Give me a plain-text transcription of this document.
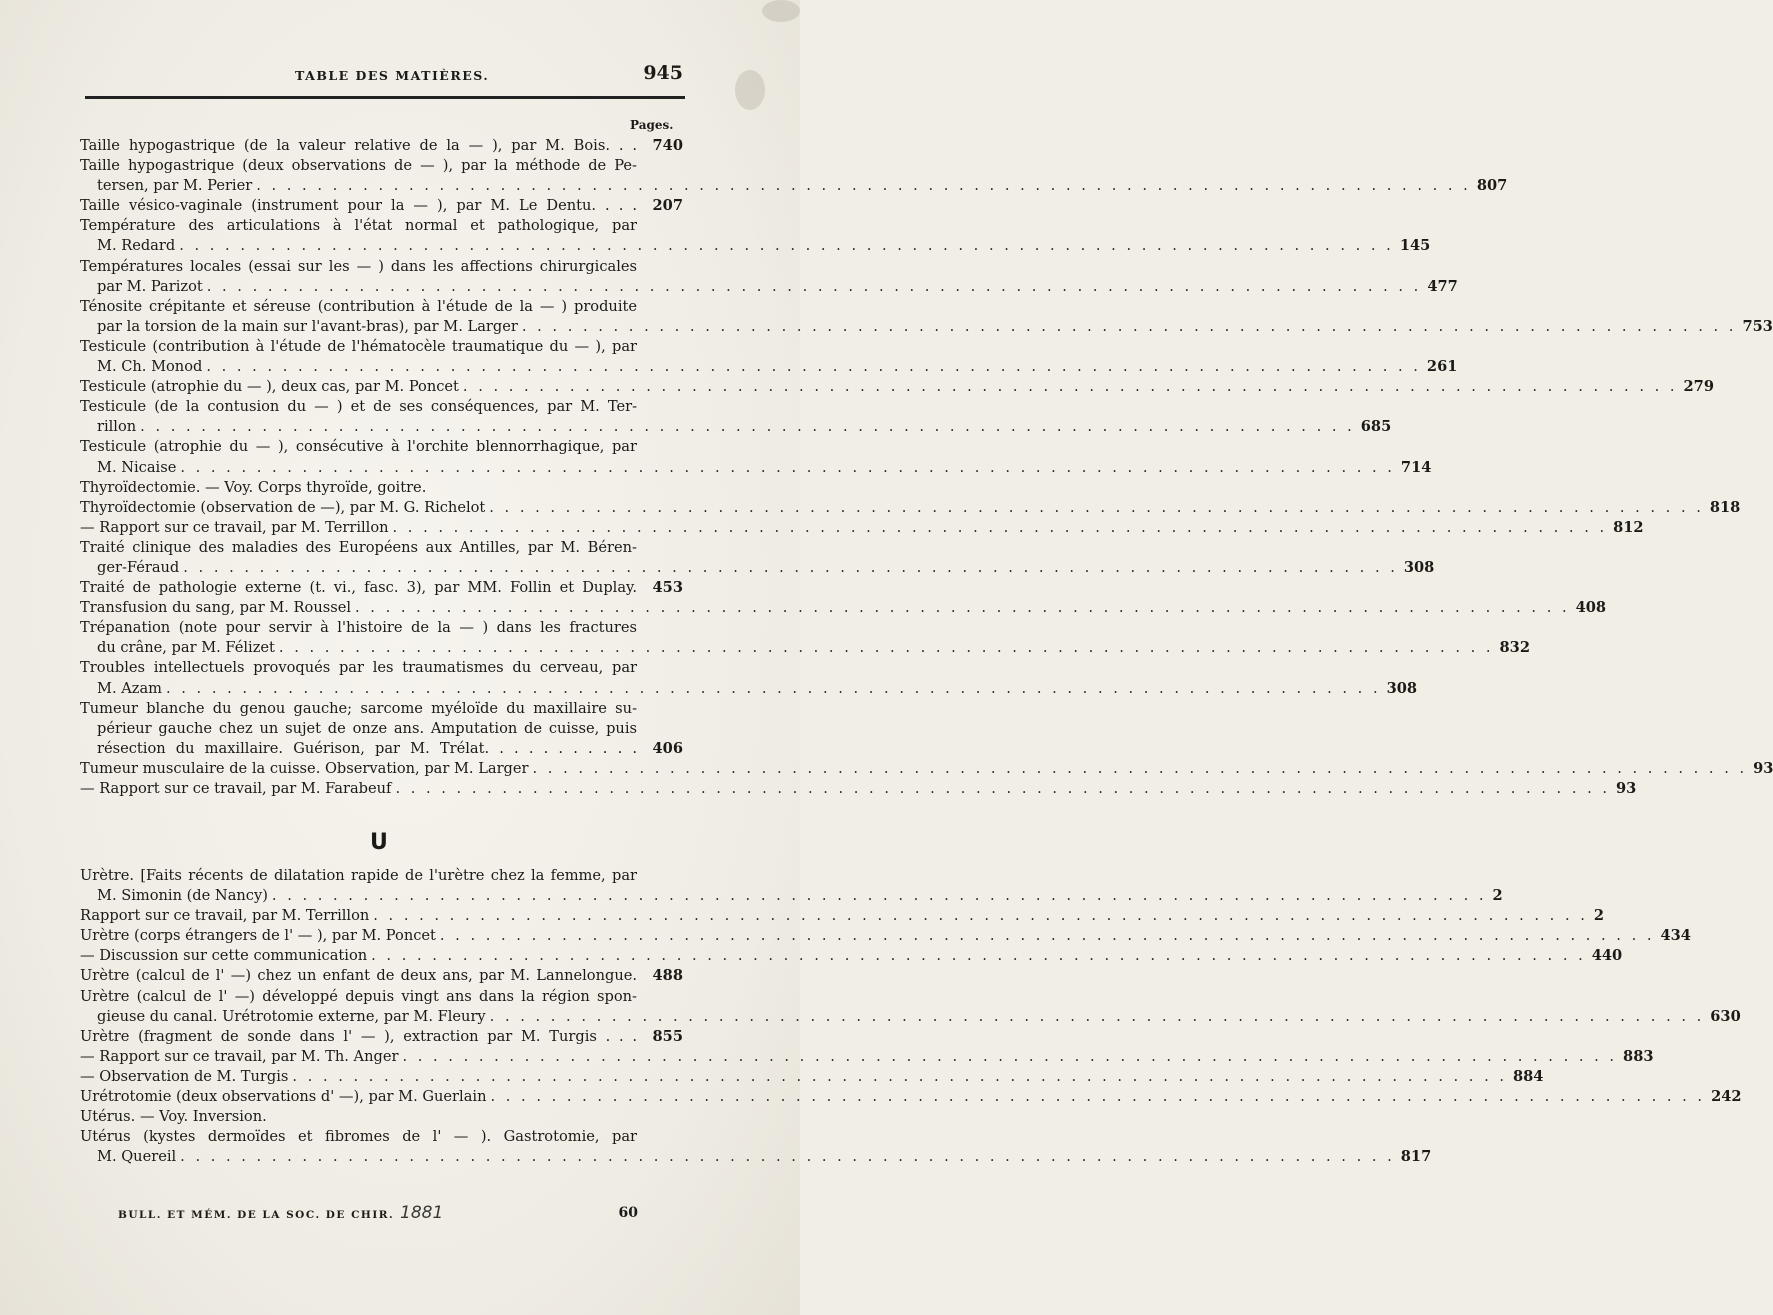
TABLE DES MATIÈRES.	945
Pages.
Taille hypogastrique (de la valeur relative de la — ), par M. Bois. . .	740
Taille hypogastrique (deux observations de — ), par la méthode de Pe-
tersen, par M. Perier . . . . . . . . . . . . . . . . . . . . . . . . . . . . . . . . . . . . . . . . . . . . . . . . . . . . . . . . . . . . . . . . . . . . . . . . . . . . . . . . 807
Taille vésico-vaginale (instrument pour la — ), par M. Le Dentu. . . .	207
Température des articulations à l'état normal et pathologique, par
M. Redard . . . . . . . . . . . . . . . . . . . . . . . . . . . . . . . . . . . . . . . . . . . . . . . . . . . . . . . . . . . . . . . . . . . . . . . . . . . . . . . . 145
Températures locales (essai sur les — ) dans les affections chirurgicales
par M. Parizot . . . . . . . . . . . . . . . . . . . . . . . . . . . . . . . . . . . . . . . . . . . . . . . . . . . . . . . . . . . . . . . . . . . . . . . . . . . . . . . . 477
Ténosite crépitante et séreuse (contribution à l'étude de la — ) produite
par la torsion de la main sur l'avant-bras), par M. Larger . . . . . . . . . . . . . . . . . . . . . . . . . . . . . . . . . . . . . . . . . . . . . . . . . . . . . . . . . . . . . . . . . . . . . . . . . . . . . . . . 753
Testicule (contribution à l'étude de l'hématocèle traumatique du — ), par
M. Ch. Monod . . . . . . . . . . . . . . . . . . . . . . . . . . . . . . . . . . . . . . . . . . . . . . . . . . . . . . . . . . . . . . . . . . . . . . . . . . . . . . . . 261
Testicule (atrophie du — ), deux cas, par M. Poncet . . . . . . . . . . . . . . . . . . . . . . . . . . . . . . . . . . . . . . . . . . . . . . . . . . . . . . . . . . . . . . . . . . . . . . . . . . . . . . . . 279
Testicule (de la contusion du — ) et de ses conséquences, par M. Ter-
rillon . . . . . . . . . . . . . . . . . . . . . . . . . . . . . . . . . . . . . . . . . . . . . . . . . . . . . . . . . . . . . . . . . . . . . . . . . . . . . . . . 685
Testicule (atrophie du — ), consécutive à l'orchite blennorrhagique, par
M. Nicaise . . . . . . . . . . . . . . . . . . . . . . . . . . . . . . . . . . . . . . . . . . . . . . . . . . . . . . . . . . . . . . . . . . . . . . . . . . . . . . . . 714
Thyroïdectomie. — Voy. Corps thyroïde, goitre.
Thyroïdectomie (observation de —), par M. G. Richelot . . . . . . . . . . . . . . . . . . . . . . . . . . . . . . . . . . . . . . . . . . . . . . . . . . . . . . . . . . . . . . . . . . . . . . . . . . . . . . . . 818
— Rapport sur ce travail, par M. Terrillon . . . . . . . . . . . . . . . . . . . . . . . . . . . . . . . . . . . . . . . . . . . . . . . . . . . . . . . . . . . . . . . . . . . . . . . . . . . . . . . . 812
Traité clinique des maladies des Européens aux Antilles, par M. Béren-
ger-Féraud . . . . . . . . . . . . . . . . . . . . . . . . . . . . . . . . . . . . . . . . . . . . . . . . . . . . . . . . . . . . . . . . . . . . . . . . . . . . . . . . 308
Traité de pathologie externe (t. vi., fasc. 3), par MM. Follin et Duplay.	453
Transfusion du sang, par M. Roussel . . . . . . . . . . . . . . . . . . . . . . . . . . . . . . . . . . . . . . . . . . . . . . . . . . . . . . . . . . . . . . . . . . . . . . . . . . . . . . . . 408
Trépanation (note pour servir à l'histoire de la — ) dans les fractures
du crâne, par M. Félizet . . . . . . . . . . . . . . . . . . . . . . . . . . . . . . . . . . . . . . . . . . . . . . . . . . . . . . . . . . . . . . . . . . . . . . . . . . . . . . . . 832
Troubles intellectuels provoqués par les traumatismes du cerveau, par
M. Azam . . . . . . . . . . . . . . . . . . . . . . . . . . . . . . . . . . . . . . . . . . . . . . . . . . . . . . . . . . . . . . . . . . . . . . . . . . . . . . . . 308
Tumeur blanche du genou gauche; sarcome myéloïde du maxillaire su-
périeur gauche chez un sujet de onze ans. Amputation de cuisse, puis
résection du maxillaire. Guérison, par M. Trélat. . . . . . . . . . .	406
Tumeur musculaire de la cuisse. Observation, par M. Larger . . . . . . . . . . . . . . . . . . . . . . . . . . . . . . . . . . . . . . . . . . . . . . . . . . . . . . . . . . . . . . . . . . . . . . . . . . . . . . . . 93
— Rapport sur ce travail, par M. Farabeuf . . . . . . . . . . . . . . . . . . . . . . . . . . . . . . . . . . . . . . . . . . . . . . . . . . . . . . . . . . . . . . . . . . . . . . . . . . . . . . . . 93
U
Urètre. [Faits récents de dilatation rapide de l'urètre chez la femme, par
M. Simonin (de Nancy) . . . . . . . . . . . . . . . . . . . . . . . . . . . . . . . . . . . . . . . . . . . . . . . . . . . . . . . . . . . . . . . . . . . . . . . . . . . . . . . . 2
Rapport sur ce travail, par M. Terrillon . . . . . . . . . . . . . . . . . . . . . . . . . . . . . . . . . . . . . . . . . . . . . . . . . . . . . . . . . . . . . . . . . . . . . . . . . . . . . . . . 2
Urètre (corps étrangers de l' — ), par M. Poncet . . . . . . . . . . . . . . . . . . . . . . . . . . . . . . . . . . . . . . . . . . . . . . . . . . . . . . . . . . . . . . . . . . . . . . . . . . . . . . . . 434
— Discussion sur cette communication . . . . . . . . . . . . . . . . . . . . . . . . . . . . . . . . . . . . . . . . . . . . . . . . . . . . . . . . . . . . . . . . . . . . . . . . . . . . . . . . 440
Urètre (calcul de l' —) chez un enfant de deux ans, par M. Lannelongue.	488
Urètre (calcul de l' —) développé depuis vingt ans dans la région spon-
gieuse du canal. Urétrotomie externe, par M. Fleury . . . . . . . . . . . . . . . . . . . . . . . . . . . . . . . . . . . . . . . . . . . . . . . . . . . . . . . . . . . . . . . . . . . . . . . . . . . . . . . . 630
Urètre (fragment de sonde dans l' — ), extraction par M. Turgis . . .	855
— Rapport sur ce travail, par M. Th. Anger . . . . . . . . . . . . . . . . . . . . . . . . . . . . . . . . . . . . . . . . . . . . . . . . . . . . . . . . . . . . . . . . . . . . . . . . . . . . . . . . 883
— Observation de M. Turgis . . . . . . . . . . . . . . . . . . . . . . . . . . . . . . . . . . . . . . . . . . . . . . . . . . . . . . . . . . . . . . . . . . . . . . . . . . . . . . . . 884
Urétrotomie (deux observations d' —), par M. Guerlain . . . . . . . . . . . . . . . . . . . . . . . . . . . . . . . . . . . . . . . . . . . . . . . . . . . . . . . . . . . . . . . . . . . . . . . . . . . . . . . . 242
Utérus. — Voy. Inversion.
Utérus (kystes dermoïdes et fibromes de l' — ). Gastrotomie, par
M. Quereil . . . . . . . . . . . . . . . . . . . . . . . . . . . . . . . . . . . . . . . . . . . . . . . . . . . . . . . . . . . . . . . . . . . . . . . . . . . . . . . . 817
BULL. ET MÉM. DE LA SOC. DE CHIR. 1881	60
